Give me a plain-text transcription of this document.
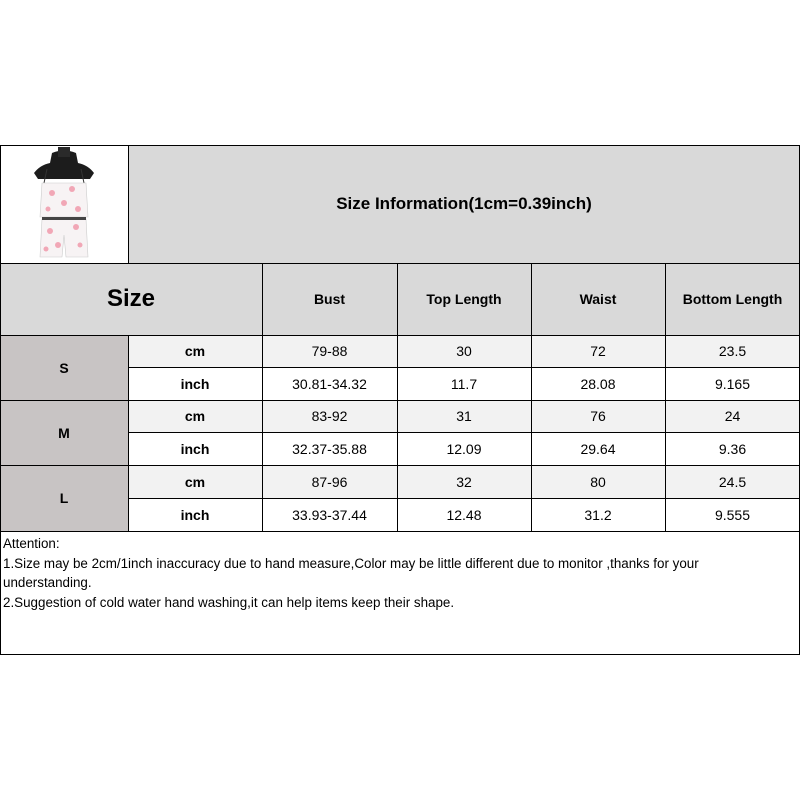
Size Information(1cm=0.39inch)
Size	Bust	Top Length	Waist	Bottom Length
S
cm	79-88	30	72	23.5
inch	30.81-34.32	11.7	28.08	9.165
M
cm	83-92	31	76	24
inch	32.37-35.88	12.09	29.64	9.36
L
cm	87-96	32	80	24.5
inch	33.93-37.44	12.48	31.2	9.555
Attention:
1.Size may be 2cm/1inch inaccuracy due to hand measure,Color may be little different due to monitor ,thanks for your
understanding.
2.Suggestion of cold water hand washing,it can help items keep their shape.
